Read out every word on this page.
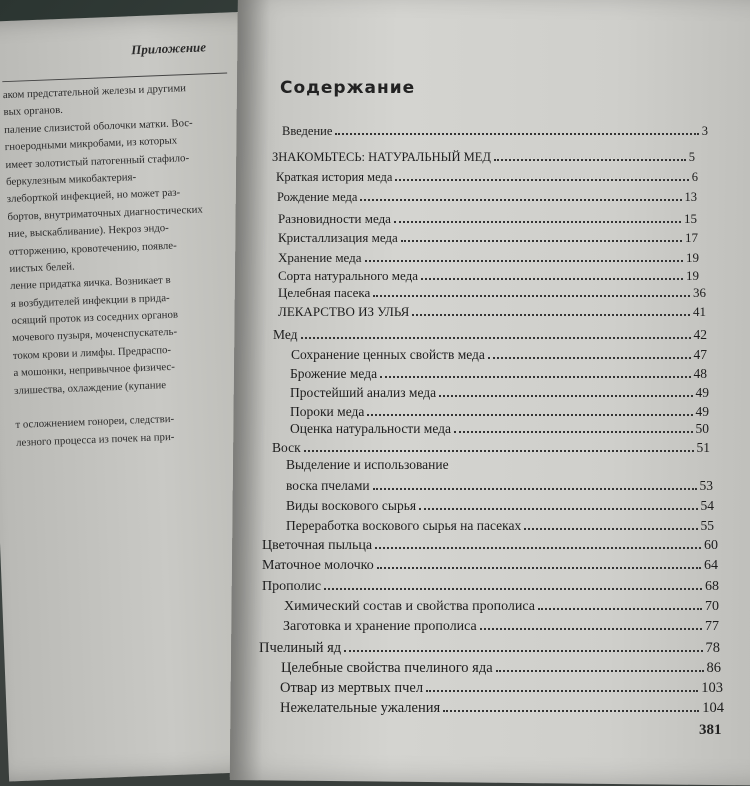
Приложение
аком предстательной железы и другими
вых органов.
паление слизистой оболочки матки. Вос-
гноеродными микробами, из которых
имеет золотистый патогенный стафило-
беркулезным микобактерия-
злеборткой инфекцией, но может раз-
бортов, внутриматочных диагностических
ние, выскабливание). Некроз эндо-
отторжению, кровотечению, появле-
иистых белей.
ление придатка яичка. Возникает в
я возбудителей инфекции в прида-
осящий проток из соседних органов
мочевого пузыря, моченспускатель-
током крови и лимфы. Предраспо-
а мошонки, непривычное физичес-
злишества, охлаждение (купание
т осложнением гонореи, следстви-
лезного процесса из почек на при-
Содержание
Введение	3
ЗНАКОМЬТЕСЬ: НАТУРАЛЬНЫЙ МЕД	5
Краткая история меда	6
Рождение меда	13
Разновидности меда	15
Кристаллизация меда	17
Хранение меда	19
Сорта натурального меда	19
Целебная пасека	36
ЛЕКАРСТВО ИЗ УЛЬЯ	41
Мед	42
Сохранение ценных свойств меда	47
Брожение меда	48
Простейший анализ меда	49
Пороки меда	49
Оценка натуральности меда	50
Воск	51
Выделение и использование
воска пчелами	53
Виды воскового сырья	54
Переработка воскового сырья на пасеках	55
Цветочная пыльца	60
Маточное молочко	64
Прополис	68
Химический состав и свойства прополиса	70
Заготовка и хранение прополиса	77
Пчелиный яд	78
Целебные свойства пчелиного яда	86
Отвар из мертвых пчел	103
Нежелательные ужаления	104
381
